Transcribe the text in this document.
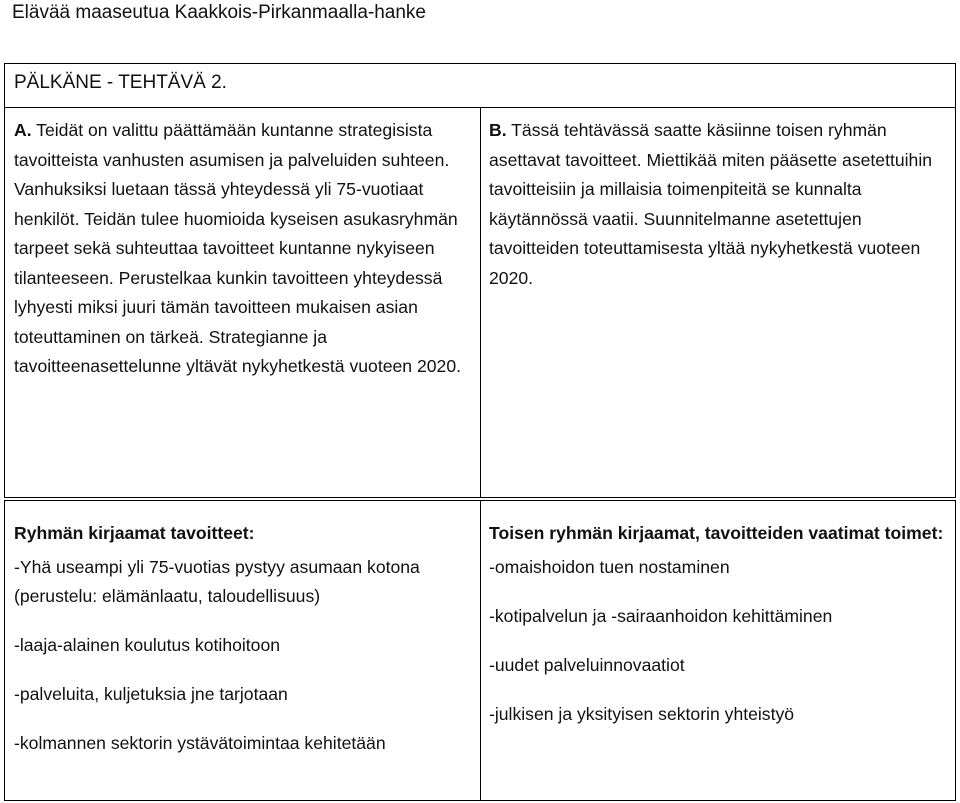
Elävää maaseutua Kaakkois-Pirkanmaalla-hanke
PÄLKÄNE - TEHTÄVÄ 2.
A. Teidät on valittu päättämään kuntanne strategisista tavoitteista vanhusten asumisen ja palveluiden suhteen. Vanhuksiksi luetaan tässä yhteydessä yli 75-vuotiaat henkilöt. Teidän tulee huomioida kyseisen asukasryhmän tarpeet sekä suhteuttaa tavoitteet kuntanne nykyiseen tilanteeseen. Perustelkaa kunkin tavoitteen yhteydessä lyhyesti miksi juuri tämän tavoitteen mukaisen asian toteuttaminen on tärkeä. Strategianne ja tavoitteenasettelunne yltävät nykyhetkestä vuoteen 2020.
B. Tässä tehtävässä saatte käsiinne toisen ryhmän asettavat tavoitteet. Miettikää miten pääsette asetettuihin tavoitteisiin ja millaisia toimenpiteitä se kunnalta käytännössä vaatii. Suunnitelmanne asetettujen tavoitteiden toteuttamisesta yltää nykyhetkestä vuoteen 2020.
Ryhmän kirjaamat tavoitteet:
-Yhä useampi yli 75-vuotias pystyy asumaan kotona (perustelu: elämänlaatu, taloudellisuus)
-laaja-alainen koulutus kotihoitoon
-palveluita, kuljetuksia jne tarjotaan
-kolmannen sektorin ystävätoimintaa kehitetään
Toisen ryhmän kirjaamat, tavoitteiden vaatimat toimet:
-omaishoidon tuen nostaminen
-kotipalvelun ja -sairaanhoidon kehittäminen
-uudet palveluinnovaatiot
-julkisen ja yksityisen sektorin yhteistyö
